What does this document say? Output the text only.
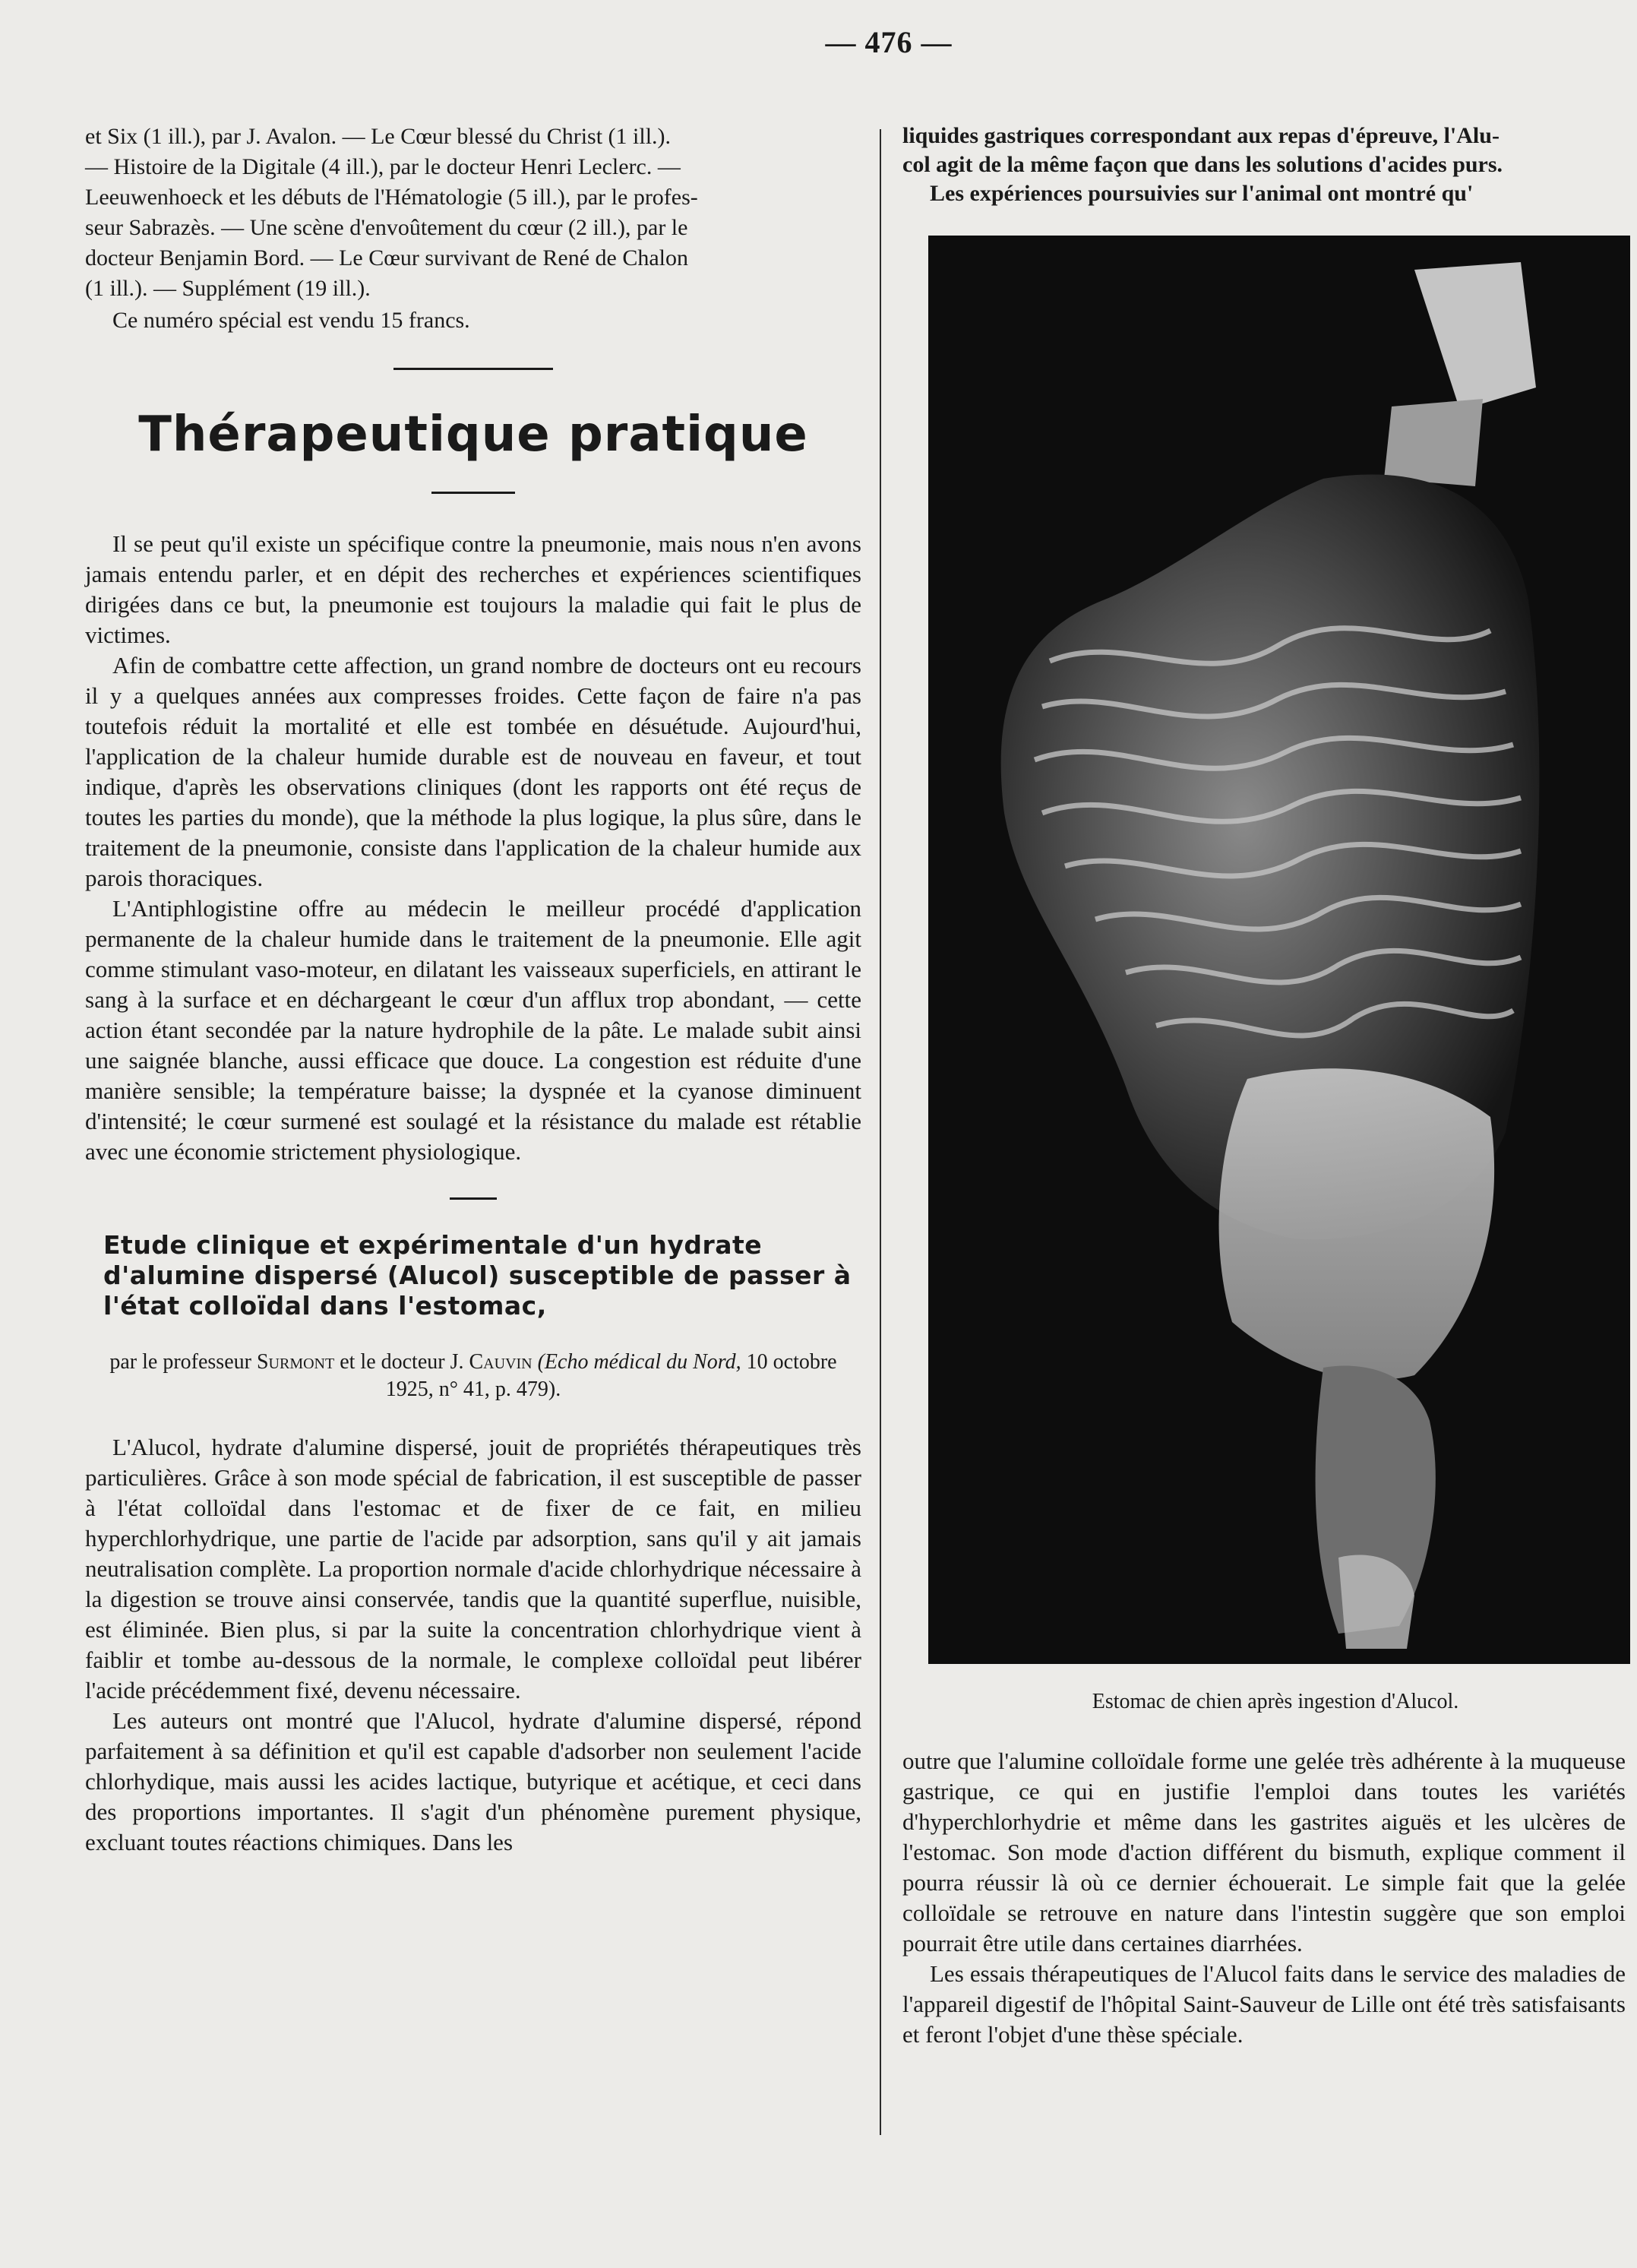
— 476 —

et Six (1 ill.), par J. Avalon. — Le Cœur blessé du Christ (1 ill.).

— Histoire de la Digitale (4 ill.), par le docteur Henri Leclerc. —

Leeuwenhoeck et les débuts de l'Hématologie (5 ill.), par le profes-

seur Sabrazès. — Une scène d'envoûtement du cœur (2 ill.), par le

docteur Benjamin Bord. — Le Cœur survivant de René de Chalon

(1 ill.). — Supplément (19 ill.).

Ce numéro spécial est vendu 15 francs.

Thérapeutique pratique

Il se peut qu'il existe un spécifique contre la pneumonie, mais nous n'en avons jamais entendu parler, et en dépit des recherches et expériences scientifiques dirigées dans ce but, la pneumonie est toujours la maladie qui fait le plus de victimes.

Afin de combattre cette affection, un grand nombre de docteurs ont eu recours il y a quelques années aux compresses froides. Cette façon de faire n'a pas toutefois réduit la mortalité et elle est tombée en désuétude. Aujourd'hui, l'application de la chaleur humide durable est de nouveau en faveur, et tout indique, d'après les observations cliniques (dont les rapports ont été reçus de toutes les parties du monde), que la méthode la plus logique, la plus sûre, dans le traitement de la pneumonie, consiste dans l'application de la chaleur humide aux parois thoraciques.

L'Antiphlogistine offre au médecin le meilleur procédé d'application permanente de la chaleur humide dans le traitement de la pneumonie. Elle agit comme stimulant vaso-moteur, en dilatant les vaisseaux superficiels, en attirant le sang à la surface et en déchargeant le cœur d'un afflux trop abondant, — cette action étant secondée par la nature hydrophile de la pâte. Le malade subit ainsi une saignée blanche, aussi efficace que douce. La congestion est réduite d'une manière sensible; la température baisse; la dyspnée et la cyanose diminuent d'intensité; le cœur surmené est soulagé et la résistance du malade est rétablie avec une économie strictement physiologique.

Etude clinique et expérimentale d'un hydrate d'alumine dispersé (Alucol) susceptible de passer à l'état colloïdal dans l'estomac,

par le professeur Surmont et le docteur J. Cauvin (Echo médical du Nord, 10 octobre 1925, n° 41, p. 479).

L'Alucol, hydrate d'alumine dispersé, jouit de propriétés thérapeutiques très particulières. Grâce à son mode spécial de fabrication, il est susceptible de passer à l'état colloïdal dans l'estomac et de fixer de ce fait, en milieu hyperchlorhydrique, une partie de l'acide par adsorption, sans qu'il y ait jamais neutralisation complète. La proportion normale d'acide chlorhydrique nécessaire à la digestion se trouve ainsi conservée, tandis que la quantité superflue, nuisible, est éliminée. Bien plus, si par la suite la concentration chlorhydrique vient à faiblir et tombe au-dessous de la normale, le complexe colloïdal peut libérer l'acide précédemment fixé, devenu nécessaire.

Les auteurs ont montré que l'Alucol, hydrate d'alumine dispersé, répond parfaitement à sa définition et qu'il est capable d'adsorber non seulement l'acide chlorhydique, mais aussi les acides lactique, butyrique et acétique, et ceci dans des proportions importantes. Il s'agit d'un phénomène purement physique, excluant toutes réactions chimiques. Dans les

liquides gastriques correspondant aux repas d'épreuve, l'Alu-

col agit de la même façon que dans les solutions d'acides purs.

Les expériences poursuivies sur l'animal ont montré qu'

Estomac de chien après ingestion d'Alucol.

outre que l'alumine colloïdale forme une gelée très adhérente à la muqueuse gastrique, ce qui en justifie l'emploi dans toutes les variétés d'hyperchlorhydrie et même dans les gastrites aiguës et les ulcères de l'estomac. Son mode d'action différent du bismuth, explique comment il pourra réussir là où ce dernier échouerait. Le simple fait que la gelée colloïdale se retrouve en nature dans l'intestin suggère que son emploi pourrait être utile dans certaines diarrhées.

Les essais thérapeutiques de l'Alucol faits dans le service des maladies de l'appareil digestif de l'hôpital Saint-Sauveur de Lille ont été très satisfaisants et feront l'objet d'une thèse spéciale.
